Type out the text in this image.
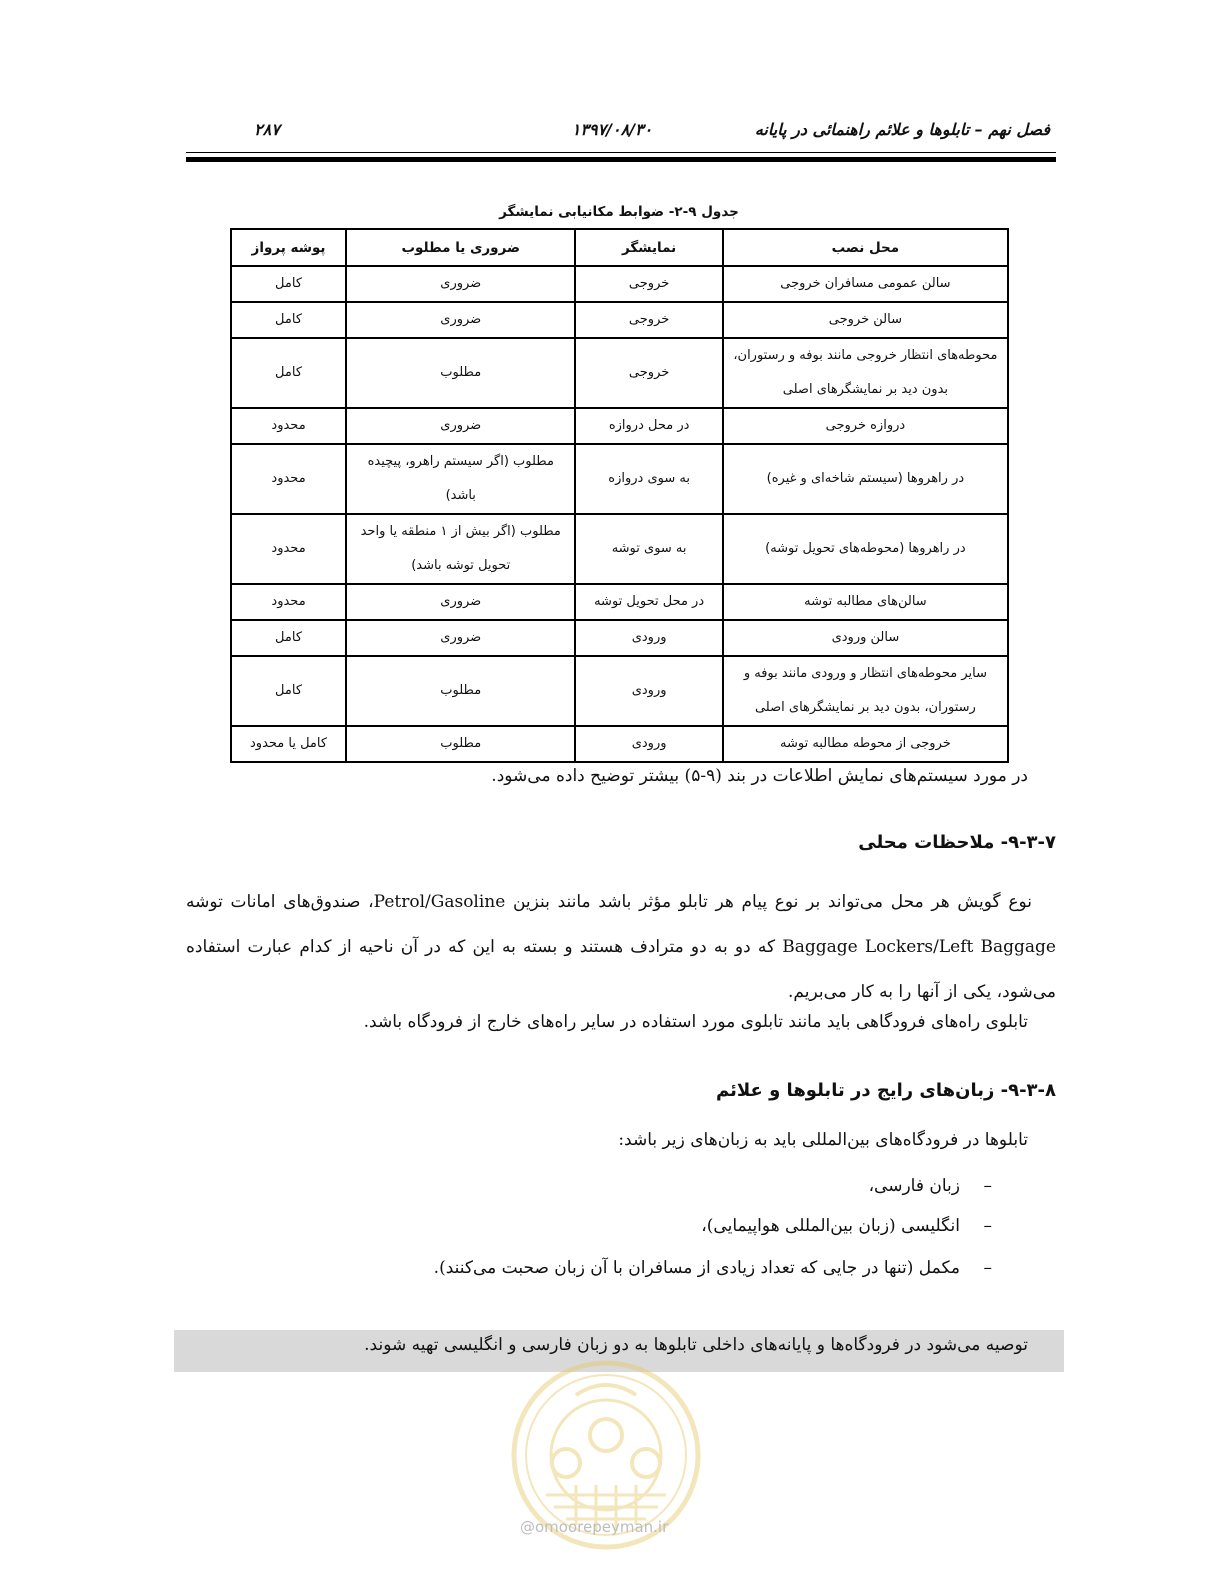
فصل نهم – تابلوها و علائم راهنمائی در پایانه
۱۳۹۷/۰۸/۳۰
۲۸۷
جدول ۹-۲- ضوابط مکانیابی نمایشگر
محل نصب	نمایشگر	ضروری یا مطلوب	پوشه پرواز
سالن عمومی مسافران خروجی	خروجی	ضروری	کامل
سالن خروجی	خروجی	ضروری	کامل
محوطه‌های انتظار خروجی مانند بوفه و رستوران، بدون دید بر نمایشگرهای اصلی	خروجی	مطلوب	کامل
دروازه خروجی	در محل دروازه	ضروری	محدود
در راهروها (سیستم شاخه‌ای و غیره)	به سوی دروازه	مطلوب (اگر سیستم راهرو، پیچیده باشد)	محدود
در راهروها (محوطه‌های تحویل توشه)	به سوی توشه	مطلوب (اگر بیش از ۱ منطقه یا واحد تحویل توشه باشد)	محدود
سالن‌های مطالبه توشه	در محل تحویل توشه	ضروری	محدود
سالن ورودی	ورودی	ضروری	کامل
سایر محوطه‌های انتظار و ورودی مانند بوفه و رستوران، بدون دید بر نمایشگرهای اصلی	ورودی	مطلوب	کامل
خروجی از محوطه مطالبه توشه	ورودی	مطلوب	کامل یا محدود
در مورد سیستم‌های نمایش اطلاعات در بند (۹-۵) بیشتر توضیح داده می‌شود.
۹-۳-۷- ملاحظات محلی
نوع گویش هر محل می‌تواند بر نوع پیام هر تابلو مؤثر باشد مانند بنزین Petrol/Gasoline، صندوق‌های امانات توشه Baggage Lockers/Left Baggage که دو به دو مترادف هستند و بسته به این که در آن ناحیه از کدام عبارت استفاده می‌شود، یکی از آنها را به کار می‌بریم.
تابلوی راه‌های فرودگاهی باید مانند تابلوی مورد استفاده در سایر راه‌های خارج از فرودگاه باشد.
۹-۳-۸- زبان‌های رایج در تابلوها و علائم
تابلوها در فرودگاه‌های بین‌المللی باید به زبان‌های زیر باشد:
–زبان فارسی،
–انگلیسی (زبان بین‌المللی هواپیمایی)،
–مکمل (تنها در جایی که تعداد زیادی از مسافران با آن زبان صحبت می‌کنند).
توصیه می‌شود در فرودگاه‌ها و پایانه‌های داخلی تابلوها به دو زبان فارسی و انگلیسی تهیه شوند.
@omoorepeyman.ir
